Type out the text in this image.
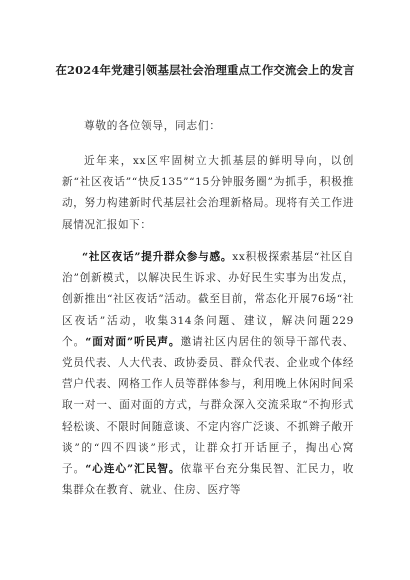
在2024年党建引领基层社会治理重点工作交流会上的发言
尊敬的各位领导，同志们：

近年来，xx区牢固树立大抓基层的鲜明导向，以创新“社区夜话”“快反135”“15分钟服务圈”为抓手，积极推动，努力构建新时代基层社会治理新格局。现将有关工作进展情况汇报如下：

“社区夜话”提升群众参与感。xx积极探索基层“社区自治”创新模式，以解决民生诉求、办好民生实事为出发点，创新推出“社区夜话”活动。截至目前，常态化开展76场“社区夜话”活动，收集314条问题、建议，解决问题229个。“面对面”听民声。邀请社区内居住的领导干部代表、党员代表、人大代表、政协委员、群众代表、企业或个体经营户代表、网格工作人员等群体参与，利用晚上休闲时间采取一对一、面对面的方式，与群众深入交流采取“不拘形式轻松谈、不限时间随意谈、不定内容广泛谈、不抓辫子敞开谈”的“四不四谈”形式，让群众打开话匣子，掏出心窝子。“心连心”汇民智。依靠平台充分集民智、汇民力，收集群众在教育、就业、住房、医疗等
